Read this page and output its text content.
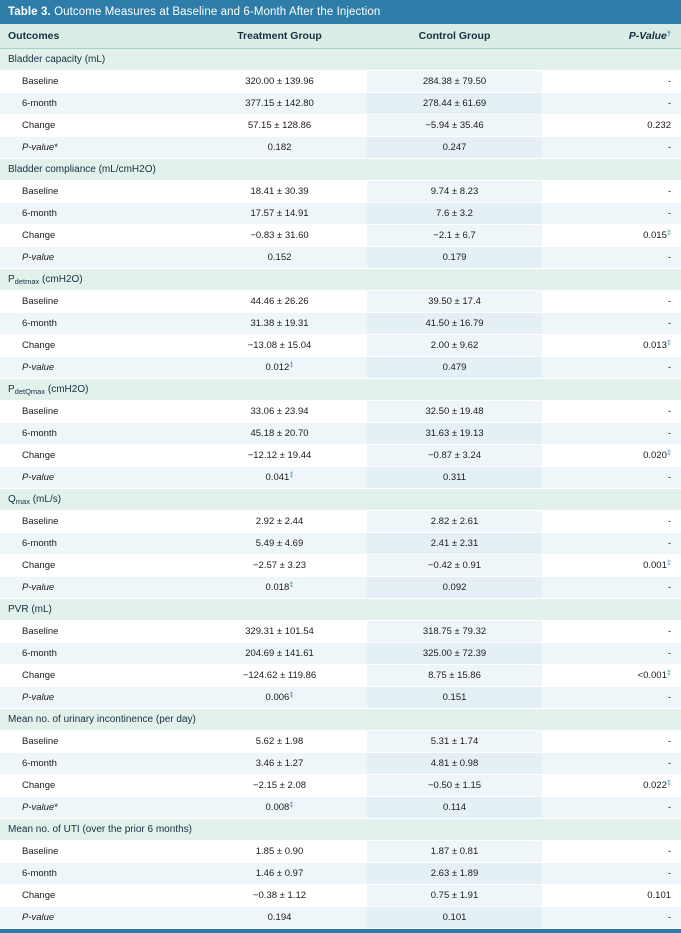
Table 3. Outcome Measures at Baseline and 6-Month After the Injection			
Outcomes	Treatment Group	Control Group	P-Value†
Bladder capacity (mL)			
Baseline	320.00 ± 139.96	284.38 ± 79.50	-
6-month	377.15 ± 142.80	278.44 ± 61.69	-
Change	57.15 ± 128.86	−5.94 ± 35.46	0.232
P-value*	0.182	0.247	-
Bladder compliance (mL/cmH2O)			
Baseline	18.41 ± 30.39	9.74 ± 8.23	-
6-month	17.57 ± 14.91	7.6 ± 3.2	-
Change	−0.83 ± 31.60	−2.1 ± 6.7	0.015‡
P-value	0.152	0.179	-
$P_{detmax}$ (cmH2O)			
Baseline	44.46 ± 26.26	39.50 ± 17.4	-
6-month	31.38 ± 19.31	41.50 ± 16.79	-
Change	−13.08 ± 15.04	2.00 ± 9.62	0.013‡
P-value	0.012‡	0.479	-
$P_{detQmax}$ (cmH2O)			
Baseline	33.06 ± 23.94	32.50 ± 19.48	-
6-month	45.18 ± 20.70	31.63 ± 19.13	-
Change	−12.12 ± 19.44	−0.87 ± 3.24	0.020‡
P-value	0.041‡	0.311	-
$Q_{max}$ (mL/s)			
Baseline	2.92 ± 2.44	2.82 ± 2.61	-
6-month	5.49 ± 4.69	2.41 ± 2.31	-
Change	−2.57 ± 3.23	−0.42 ± 0.91	0.001‡
P-value	0.018‡	0.092	-
PVR (mL)			
Baseline	329.31 ± 101.54	318.75 ± 79.32	-
6-month	204.69 ± 141.61	325.00 ± 72.39	-
Change	−124.62 ± 119.86	8.75 ± 15.86	<0.001‡
P-value	0.006‡	0.151	-
Mean no. of urinary incontinence (per day)			
Baseline	5.62 ± 1.98	5.31 ± 1.74	-
6-month	3.46 ± 1.27	4.81 ± 0.98	-
Change	−2.15 ± 2.08	−0.50 ± 1.15	0.022‡
P-value*	0.008‡	0.114	-
Mean no. of UTI (over the prior 6 months)			
Baseline	1.85 ± 0.90	1.87 ± 0.81	-
6-month	1.46 ± 0.97	2.63 ± 1.89	-
Change	−0.38 ± 1.12	0.75 ± 1.91	0.101
P-value	0.194	0.101	-
